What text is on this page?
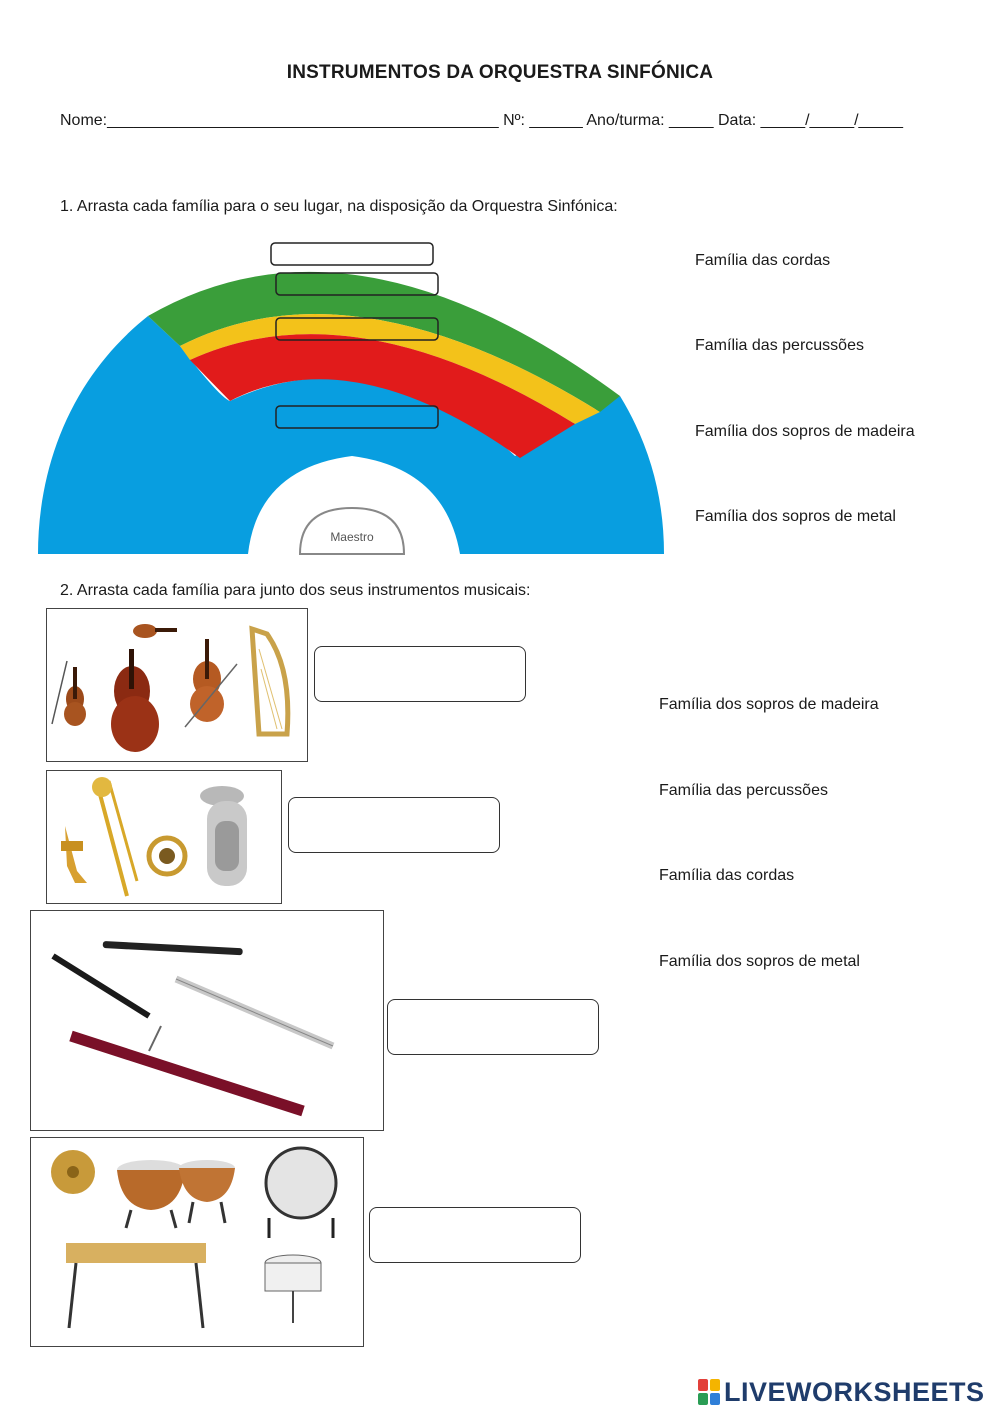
INSTRUMENTOS DA ORQUESTRA SINFÓNICA
Nome:____________________________________________ Nº: ______ Ano/turma: _____ Data: _____/_____/_____
1. Arrasta cada família para o seu lugar, na disposição da Orquestra Sinfónica:
Maestro
Família das cordas
Família das percussões
Família dos sopros de madeira
Família dos sopros de metal
2. Arrasta cada família para junto dos seus instrumentos musicais:
Família dos sopros de madeira
Família das percussões
Família das cordas
Família dos sopros de metal
LIVEWORKSHEETS
